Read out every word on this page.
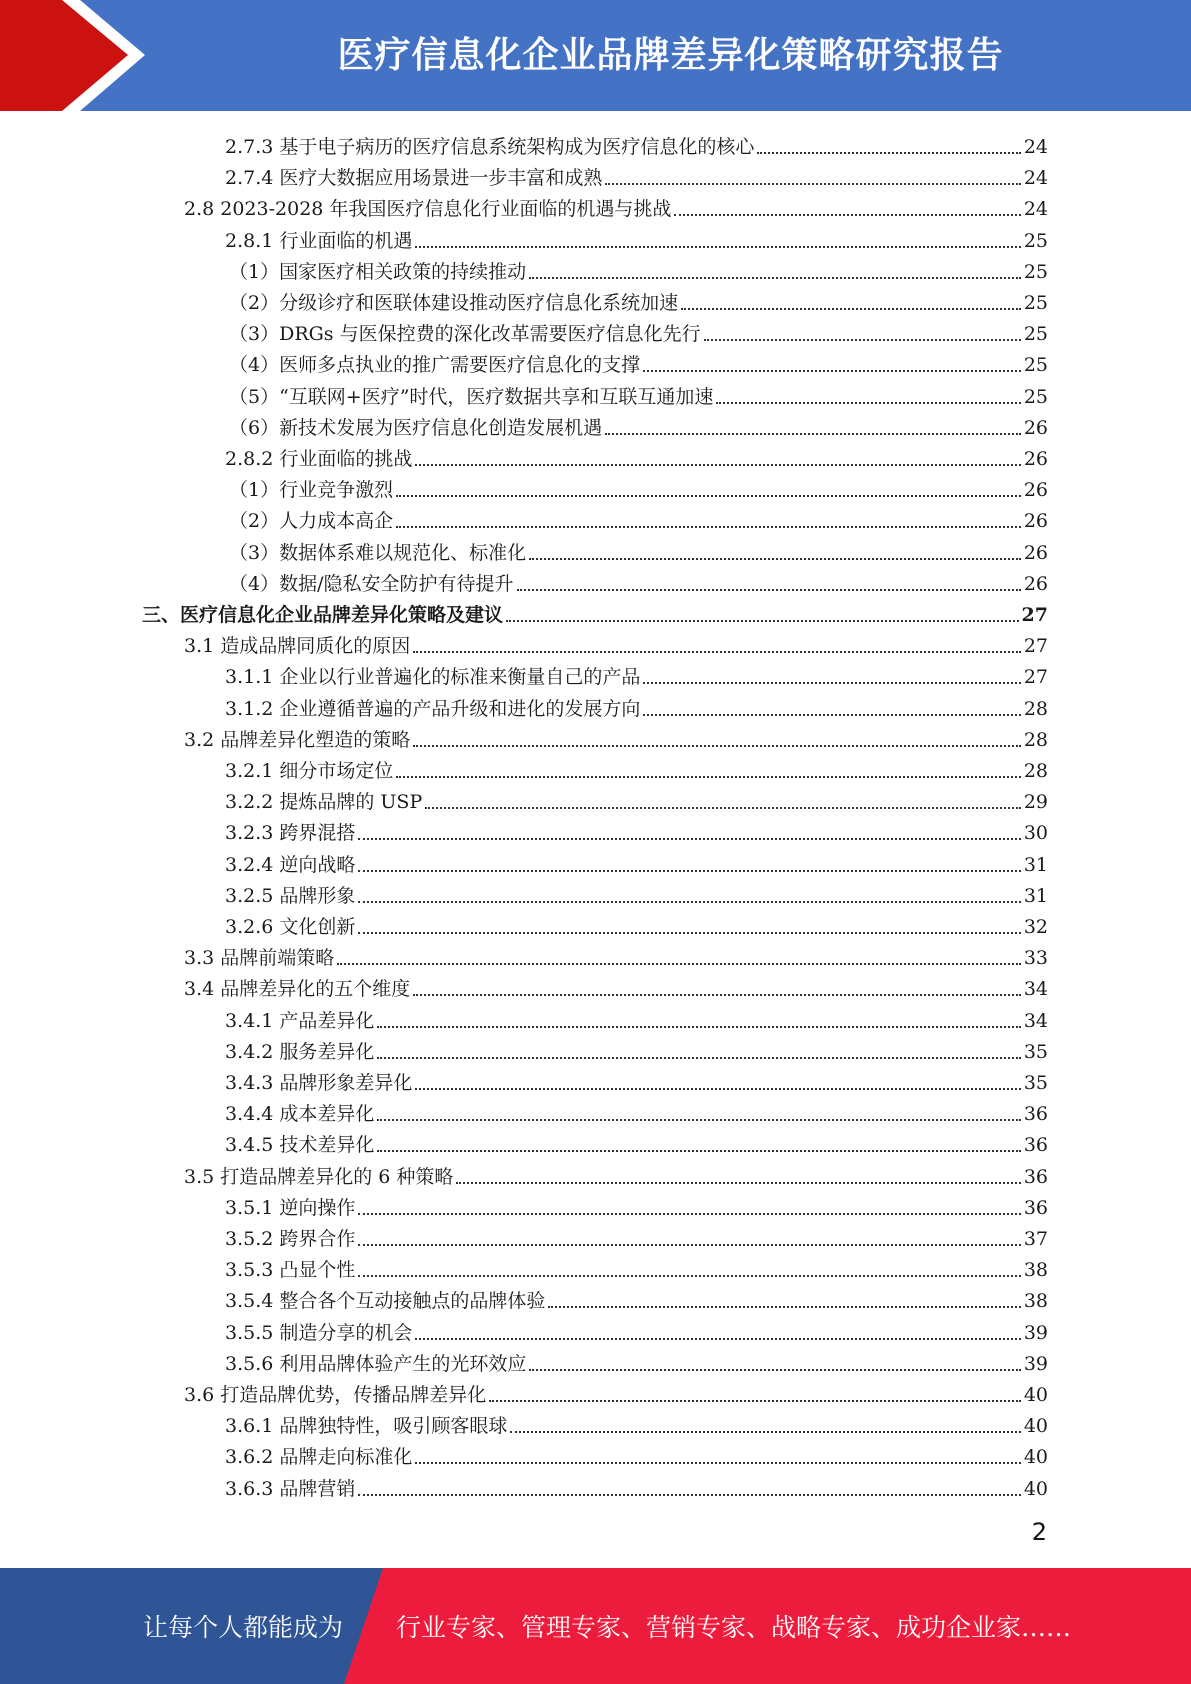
医疗信息化企业品牌差异化策略研究报告
2.7.3 基于电子病历的医疗信息系统架构成为医疗信息化的核心	24
2.7.4 医疗大数据应用场景进一步丰富和成熟	24
2.8 2023-2028 年我国医疗信息化行业面临的机遇与挑战	24
2.8.1 行业面临的机遇	25
（1）国家医疗相关政策的持续推动	25
（2）分级诊疗和医联体建设推动医疗信息化系统加速	25
（3）DRGs 与医保控费的深化改革需要医疗信息化先行	25
（4）医师多点执业的推广需要医疗信息化的支撑	25
（5）“互联网+医疗”时代，医疗数据共享和互联互通加速	25
（6）新技术发展为医疗信息化创造发展机遇	26
2.8.2 行业面临的挑战	26
（1）行业竞争激烈	26
（2）人力成本高企	26
（3）数据体系难以规范化、标准化	26
（4）数据/隐私安全防护有待提升	26
三、医疗信息化企业品牌差异化策略及建议	27
3.1 造成品牌同质化的原因	27
3.1.1 企业以行业普遍化的标准来衡量自己的产品	27
3.1.2 企业遵循普遍的产品升级和进化的发展方向	28
3.2 品牌差异化塑造的策略	28
3.2.1 细分市场定位	28
3.2.2 提炼品牌的 USP	29
3.2.3 跨界混搭	30
3.2.4 逆向战略	31
3.2.5 品牌形象	31
3.2.6 文化创新	32
3.3 品牌前端策略	33
3.4 品牌差异化的五个维度	34
3.4.1 产品差异化	34
3.4.2 服务差异化	35
3.4.3 品牌形象差异化	35
3.4.4 成本差异化	36
3.4.5 技术差异化	36
3.5 打造品牌差异化的 6 种策略	36
3.5.1 逆向操作	36
3.5.2 跨界合作	37
3.5.3 凸显个性	38
3.5.4 整合各个互动接触点的品牌体验	38
3.5.5 制造分享的机会	39
3.5.6 利用品牌体验产生的光环效应	39
3.6 打造品牌优势，传播品牌差异化	40
3.6.1 品牌独特性，吸引顾客眼球	40
3.6.2 品牌走向标准化	40
3.6.3 品牌营销	40
2
让每个人都能成为 行业专家、管理专家、营销专家、战略专家、成功企业家……
